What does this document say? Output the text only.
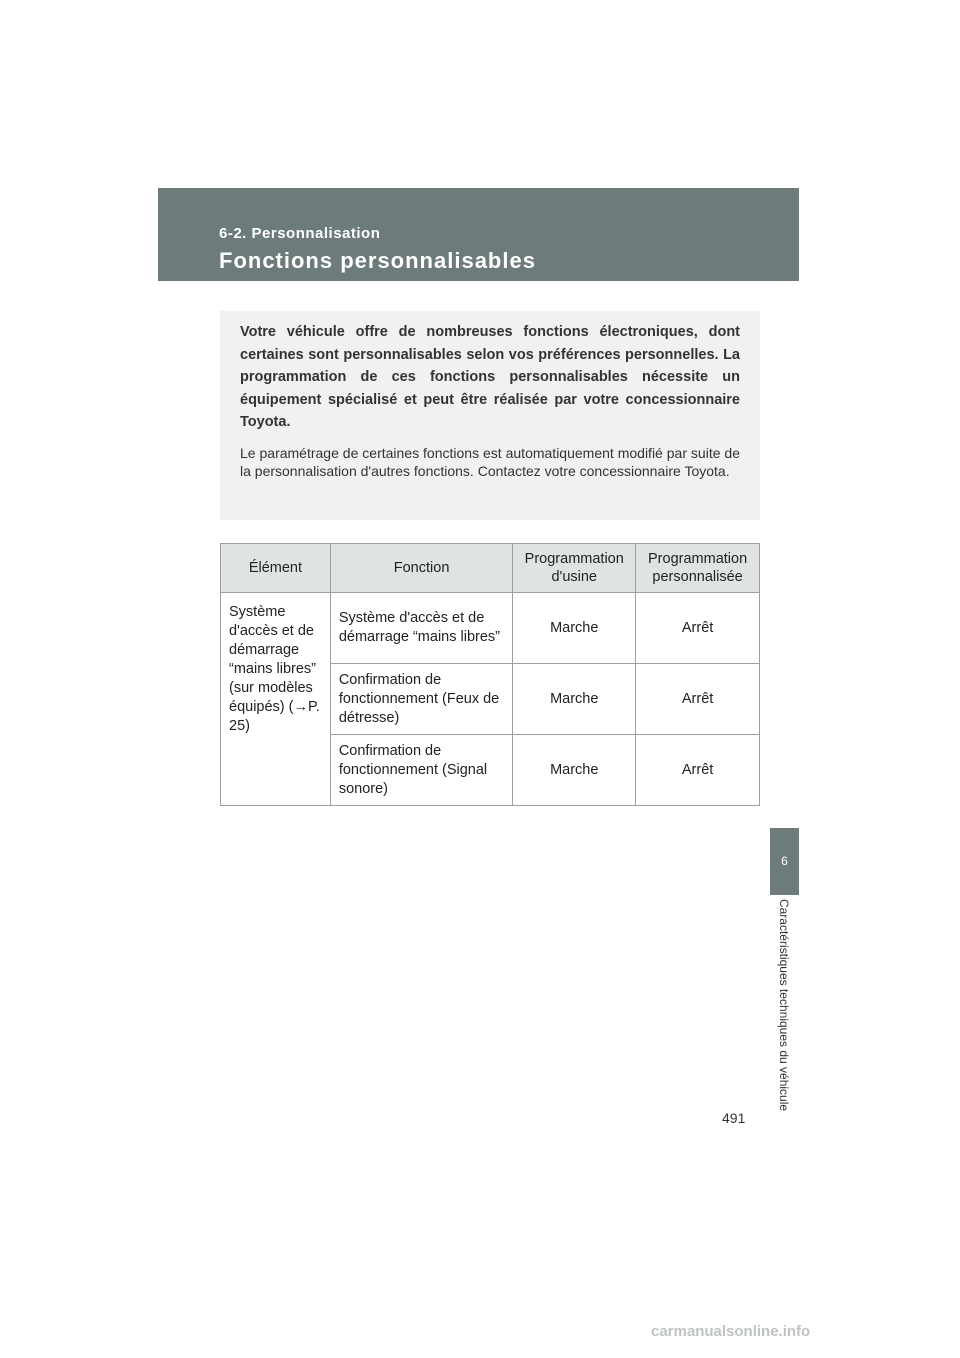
6-2. Personnalisation
Fonctions personnalisables

Votre véhicule offre de nombreuses fonctions électroniques, dont certaines sont personnalisables selon vos préférences personnelles. La programmation de ces fonctions personnalisables nécessite un équipement spécialisé et peut être réalisée par votre concessionnaire Toyota.

Le paramétrage de certaines fonctions est automatiquement modifié par suite de la personnalisation d'autres fonctions. Contactez votre concessionnaire Toyota.

Élément	Fonction	Programmation d'usine	Programmation personnalisée
Système d'accès et de démarrage “mains libres” (sur modèles équipés) (→P. 25)	Système d'accès et de démarrage “mains libres”	Marche	Arrêt
	Confirmation de fonctionnement (Feux de détresse)	Marche	Arrêt
	Confirmation de fonctionnement (Signal sonore)	Marche	Arrêt
6
Caractéristiques techniques du véhicule
491
carmanualsonline.info
